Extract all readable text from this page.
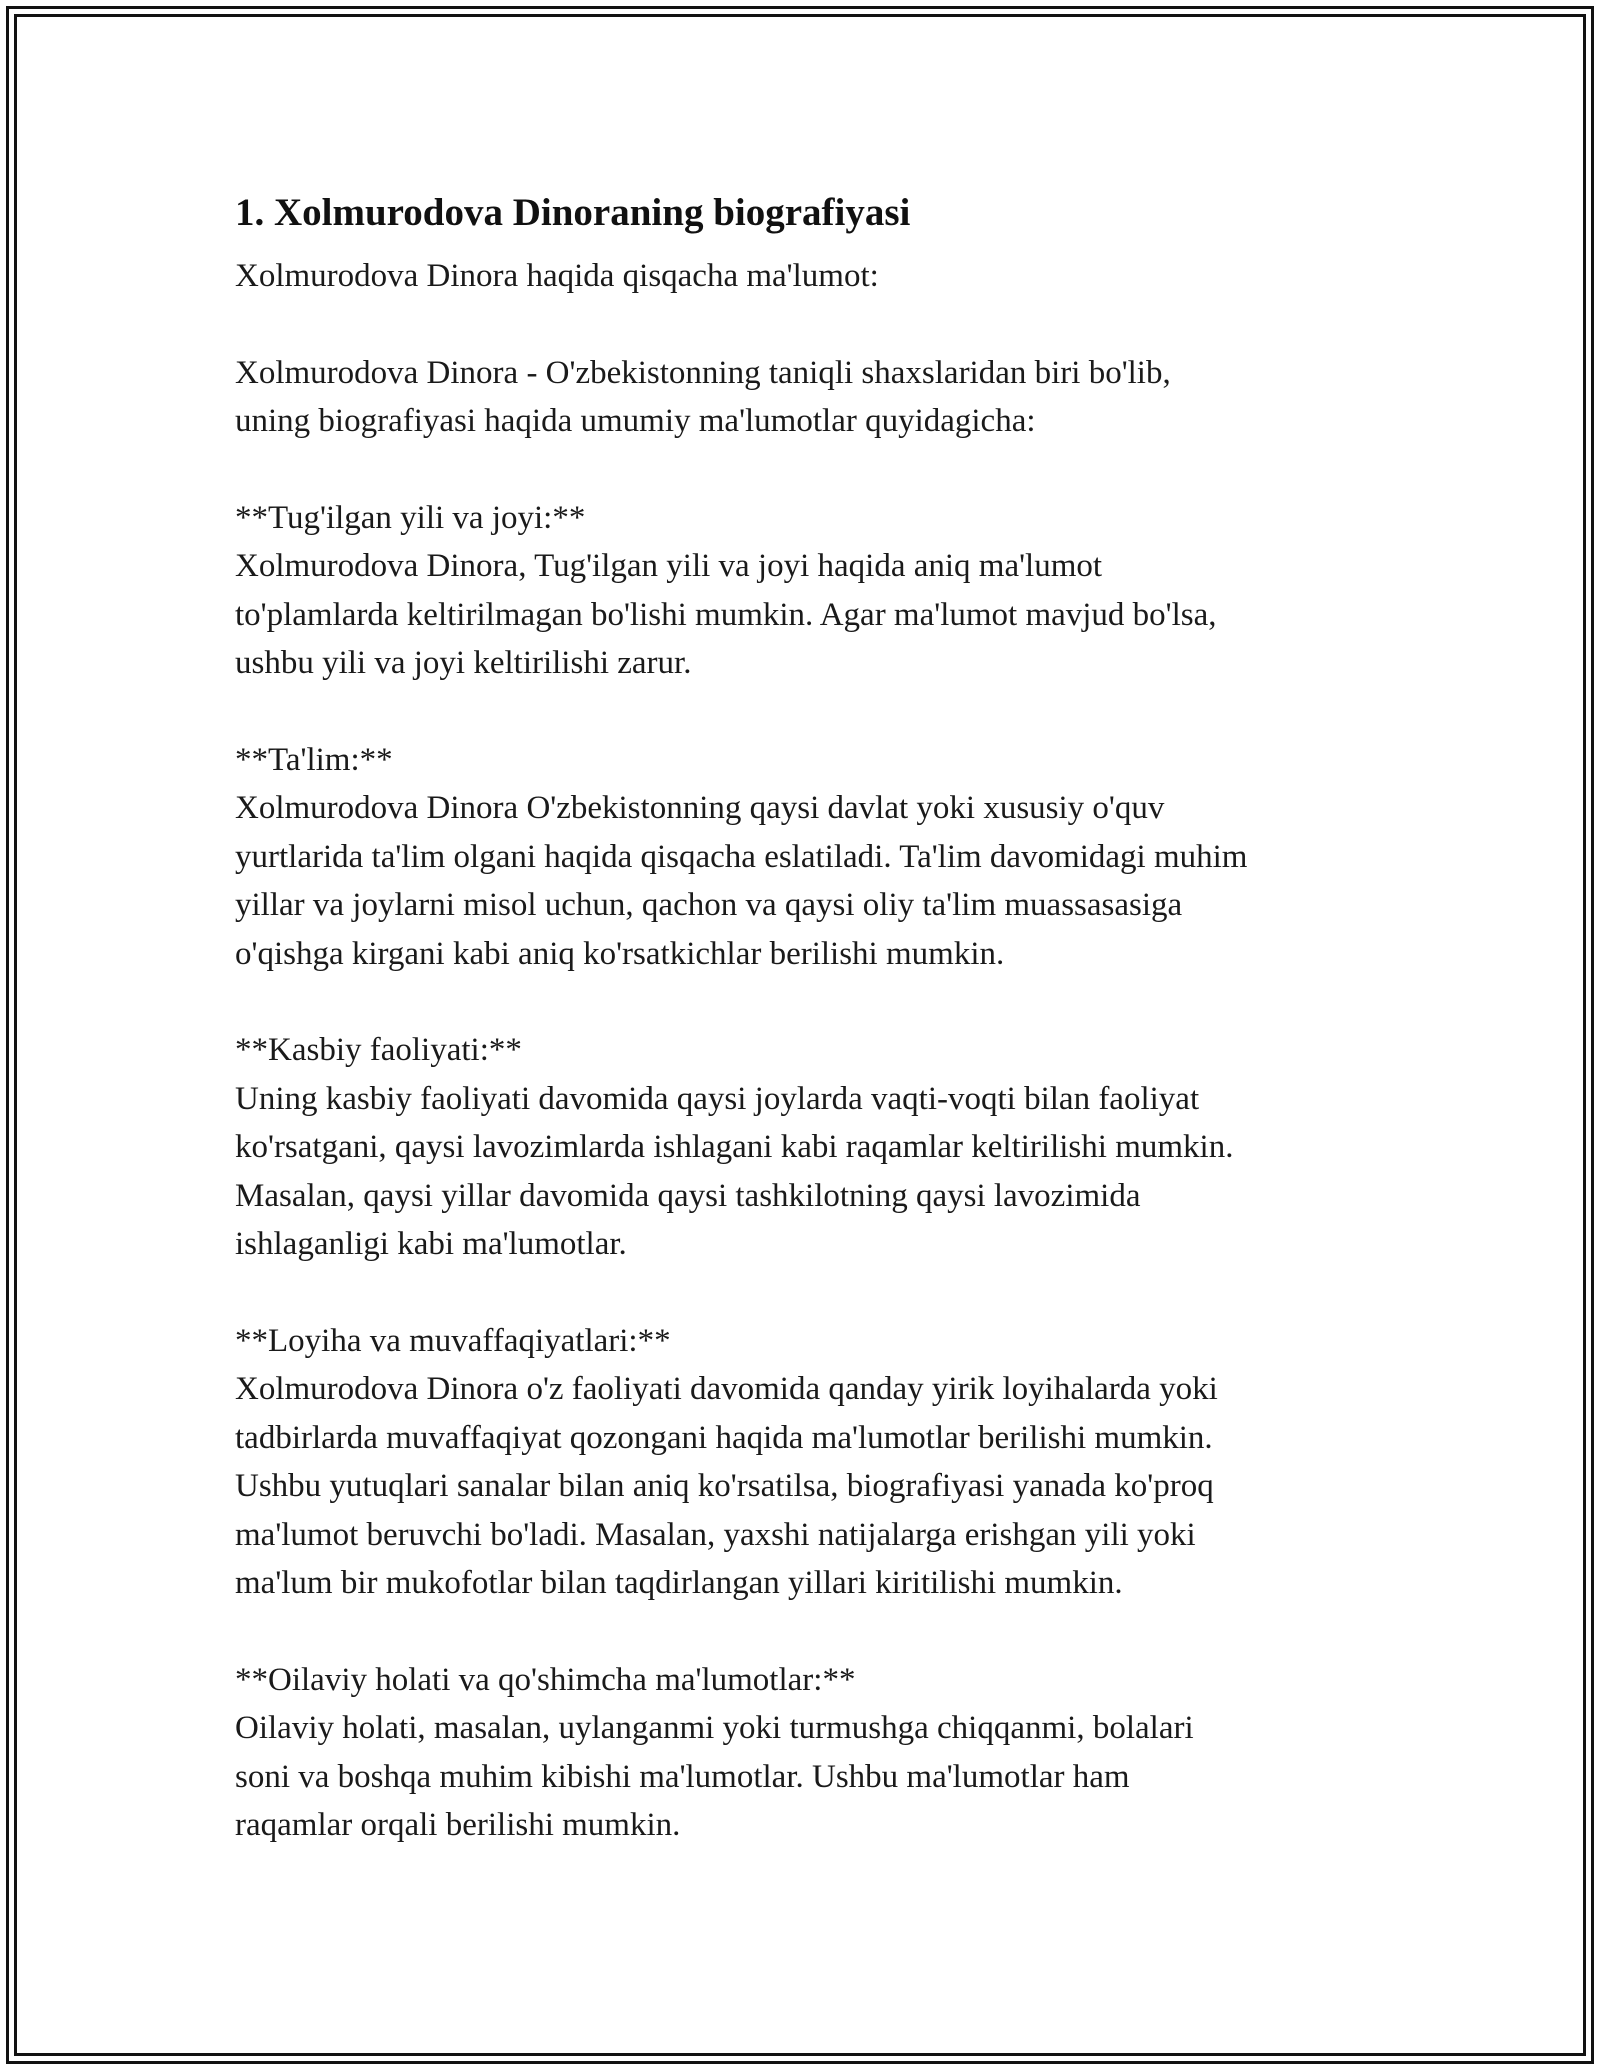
1. Xolmurodova Dinoraning biografiyasi

Xolmurodova Dinora haqida qisqacha ma'lumot:

Xolmurodova Dinora - O'zbekistonning taniqli shaxslaridan biri bo'lib,
uning biografiyasi haqida umumiy ma'lumotlar quyidagicha:

**Tug'ilgan yili va joyi:**

Xolmurodova Dinora, Tug'ilgan yili va joyi haqida aniq ma'lumot
to'plamlarda keltirilmagan bo'lishi mumkin. Agar ma'lumot mavjud bo'lsa,
ushbu yili va joyi keltirilishi zarur.

**Ta'lim:**

Xolmurodova Dinora O'zbekistonning qaysi davlat yoki xususiy o'quv
yurtlarida ta'lim olgani haqida qisqacha eslatiladi. Ta'lim davomidagi muhim
yillar va joylarni misol uchun, qachon va qaysi oliy ta'lim muassasasiga
o'qishga kirgani kabi aniq ko'rsatkichlar berilishi mumkin.

**Kasbiy faoliyati:**

Uning kasbiy faoliyati davomida qaysi joylarda vaqti-voqti bilan faoliyat
ko'rsatgani, qaysi lavozimlarda ishlagani kabi raqamlar keltirilishi mumkin.
Masalan, qaysi yillar davomida qaysi tashkilotning qaysi lavozimida
ishlaganligi kabi ma'lumotlar.

**Loyiha va muvaffaqiyatlari:**

Xolmurodova Dinora o'z faoliyati davomida qanday yirik loyihalarda yoki
tadbirlarda muvaffaqiyat qozongani haqida ma'lumotlar berilishi mumkin.
Ushbu yutuqlari sanalar bilan aniq ko'rsatilsa, biografiyasi yanada ko'proq
ma'lumot beruvchi bo'ladi. Masalan, yaxshi natijalarga erishgan yili yoki
ma'lum bir mukofotlar bilan taqdirlangan yillari kiritilishi mumkin.

**Oilaviy holati va qo'shimcha ma'lumotlar:**

Oilaviy holati, masalan, uylanganmi yoki turmushga chiqqanmi, bolalari
soni va boshqa muhim kibishi ma'lumotlar. Ushbu ma'lumotlar ham
raqamlar orqali berilishi mumkin.
